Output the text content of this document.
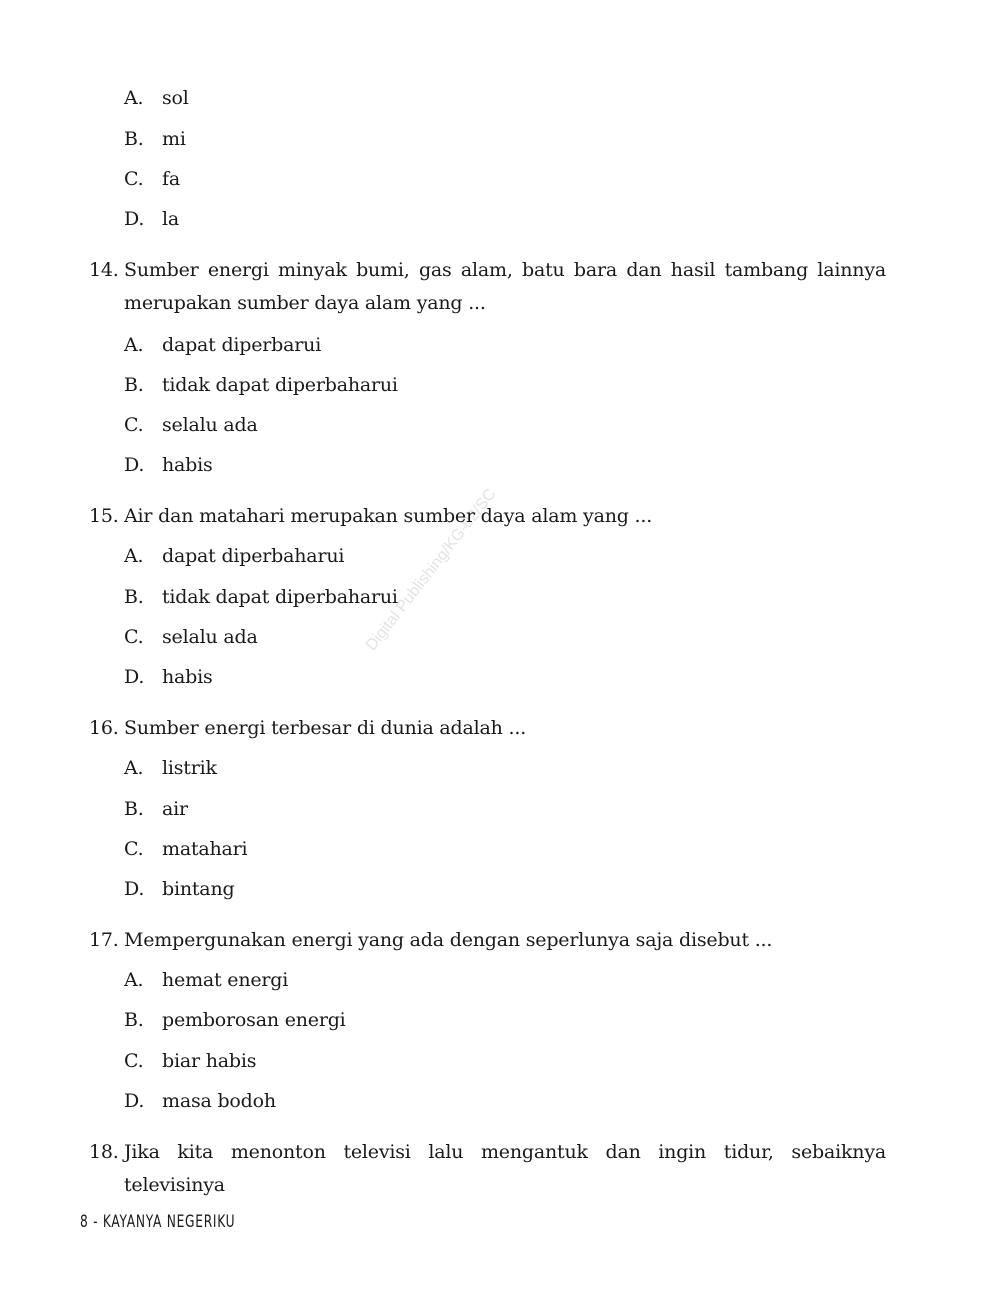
Digital Publishing/KG-02/SC
A. sol
B. mi
C. fa
D. la
14. Sumber energi minyak bumi, gas alam, batu bara dan hasil tambang lainnya merupakan sumber daya alam yang ...
A. dapat diperbarui
B. tidak dapat diperbaharui
C. selalu ada
D. habis
15. Air dan matahari merupakan sumber daya alam yang ...
A. dapat diperbaharui
B. tidak dapat diperbaharui
C. selalu ada
D. habis
16. Sumber energi terbesar di dunia adalah ...
A. listrik
B. air
C. matahari
D. bintang
17. Mempergunakan energi yang ada dengan seperlunya saja disebut ...
A. hemat energi
B. pemborosan energi
C. biar habis
D. masa bodoh
18. Jika kita menonton televisi lalu mengantuk dan ingin tidur, sebaiknya televisinya
8 - KAYANYA NEGERIKU
